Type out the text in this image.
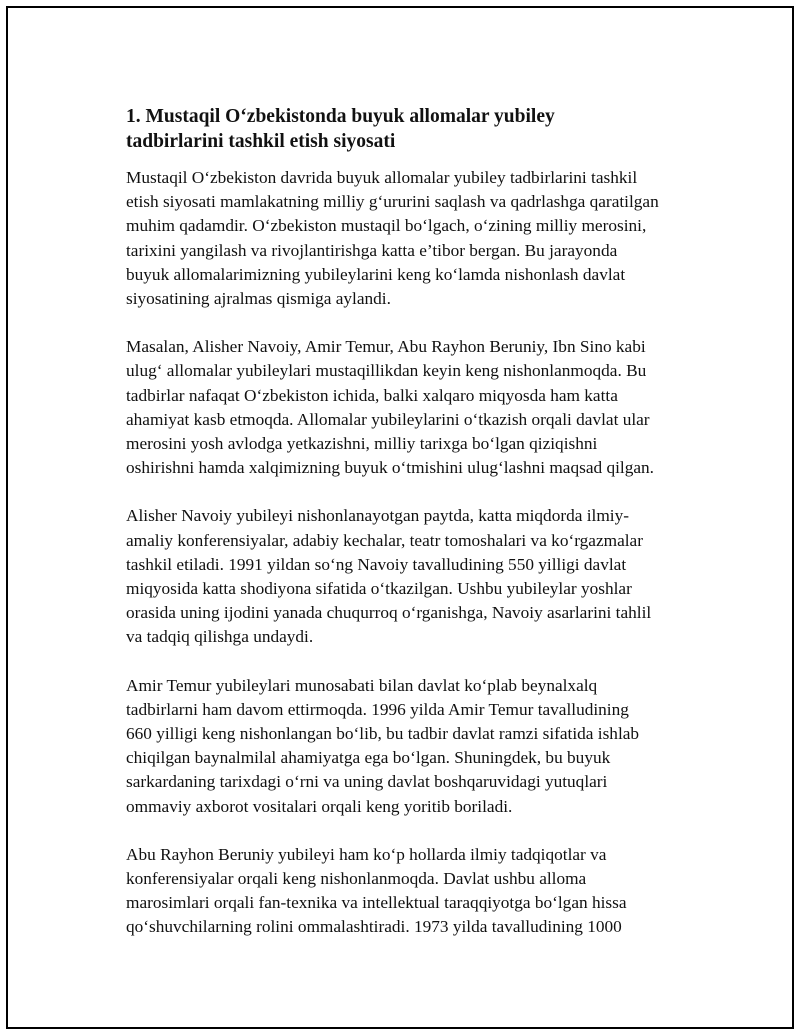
1. Mustaqil O‘zbekistonda buyuk allomalar yubiley
tadbirlarini tashkil etish siyosati

Mustaqil O‘zbekiston davrida buyuk allomalar yubiley tadbirlarini tashkil
etish siyosati mamlakatning milliy g‘ururini saqlash va qadrlashga qaratilgan
muhim qadamdir. O‘zbekiston mustaqil bo‘lgach, o‘zining milliy merosini,
tarixini yangilash va rivojlantirishga katta e’tibor bergan. Bu jarayonda
buyuk allomalarimizning yubileylarini keng ko‘lamda nishonlash davlat
siyosatining ajralmas qismiga aylandi.

Masalan, Alisher Navoiy, Amir Temur, Abu Rayhon Beruniy, Ibn Sino kabi
ulug‘ allomalar yubileylari mustaqillikdan keyin keng nishonlanmoqda. Bu
tadbirlar nafaqat O‘zbekiston ichida, balki xalqaro miqyosda ham katta
ahamiyat kasb etmoqda. Allomalar yubileylarini o‘tkazish orqali davlat ular
merosini yosh avlodga yetkazishni, milliy tarixga bo‘lgan qiziqishni
oshirishni hamda xalqimizning buyuk o‘tmishini ulug‘lashni maqsad qilgan.

Alisher Navoiy yubileyi nishonlanayotgan paytda, katta miqdorda ilmiy-
amaliy konferensiyalar, adabiy kechalar, teatr tomoshalari va ko‘rgazmalar
tashkil etiladi. 1991 yildan so‘ng Navoiy tavalludining 550 yilligi davlat
miqyosida katta shodiyona sifatida o‘tkazilgan. Ushbu yubileylar yoshlar
orasida uning ijodini yanada chuqurroq o‘rganishga, Navoiy asarlarini tahlil
va tadqiq qilishga undaydi.

Amir Temur yubileylari munosabati bilan davlat ko‘plab beynalxalq
tadbirlarni ham davom ettirmoqda. 1996 yilda Amir Temur tavalludining
660 yilligi keng nishonlangan bo‘lib, bu tadbir davlat ramzi sifatida ishlab
chiqilgan baynalmilal ahamiyatga ega bo‘lgan. Shuningdek, bu buyuk
sarkardaning tarixdagi o‘rni va uning davlat boshqaruvidagi yutuqlari
ommaviy axborot vositalari orqali keng yoritib boriladi.

Abu Rayhon Beruniy yubileyi ham ko‘p hollarda ilmiy tadqiqotlar va
konferensiyalar orqali keng nishonlanmoqda. Davlat ushbu alloma
marosimlari orqali fan-texnika va intellektual taraqqiyotga bo‘lgan hissa
qo‘shuvchilarning rolini ommalashtiradi. 1973 yilda tavalludining 1000
